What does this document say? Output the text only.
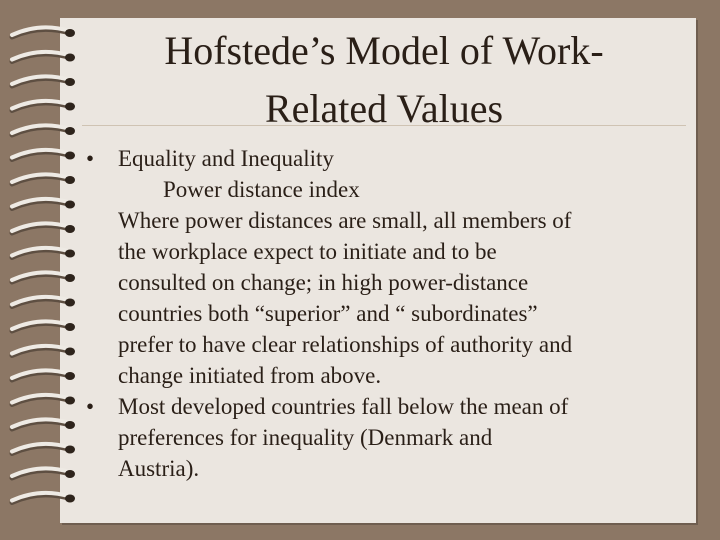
Hofstede’s Model of Work-
Related Values
•	Equality and Inequality
Power distance index
Where power distances are small, all members of
the workplace expect to initiate and to be
consulted on change; in high power-distance
countries both “superior” and “ subordinates”
prefer to have clear relationships of authority and
change initiated from above.
•	Most developed countries fall below the mean of
preferences for inequality (Denmark and
Austria).
